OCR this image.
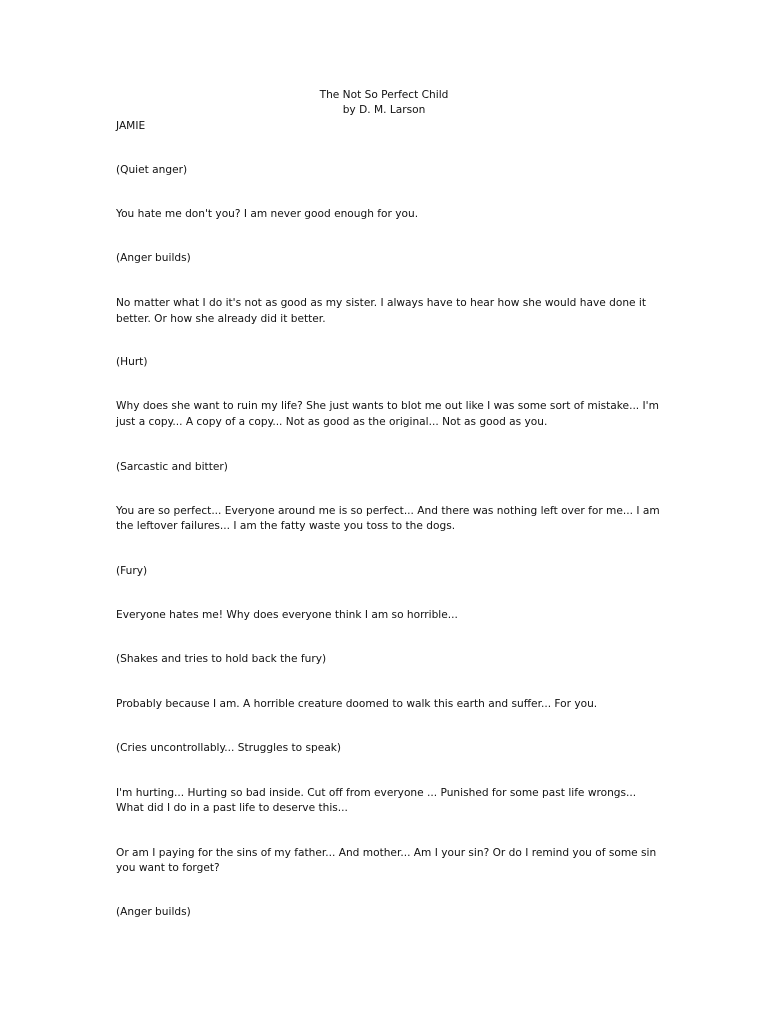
The Not So Perfect Child
by D. M. Larson
JAMIE
(Quiet anger)
You hate me don't you? I am never good enough for you.
(Anger builds)
No matter what I do it's not as good as my sister. I always have to hear how she would have done it
better. Or how she already did it better.
(Hurt)
Why does she want to ruin my life? She just wants to blot me out like I was some sort of mistake... I'm
just a copy... A copy of a copy... Not as good as the original... Not as good as you.
(Sarcastic and bitter)
You are so perfect... Everyone around me is so perfect... And there was nothing left over for me... I am
the leftover failures... I am the fatty waste you toss to the dogs.
(Fury)
Everyone hates me! Why does everyone think I am so horrible...
(Shakes and tries to hold back the fury)
Probably because I am. A horrible creature doomed to walk this earth and suffer... For you.
(Cries uncontrollably... Struggles to speak)
I'm hurting... Hurting so bad inside. Cut off from everyone ... Punished for some past life wrongs...
What did I do in a past life to deserve this...
Or am I paying for the sins of my father... And mother... Am I your sin? Or do I remind you of some sin
you want to forget?
(Anger builds)
